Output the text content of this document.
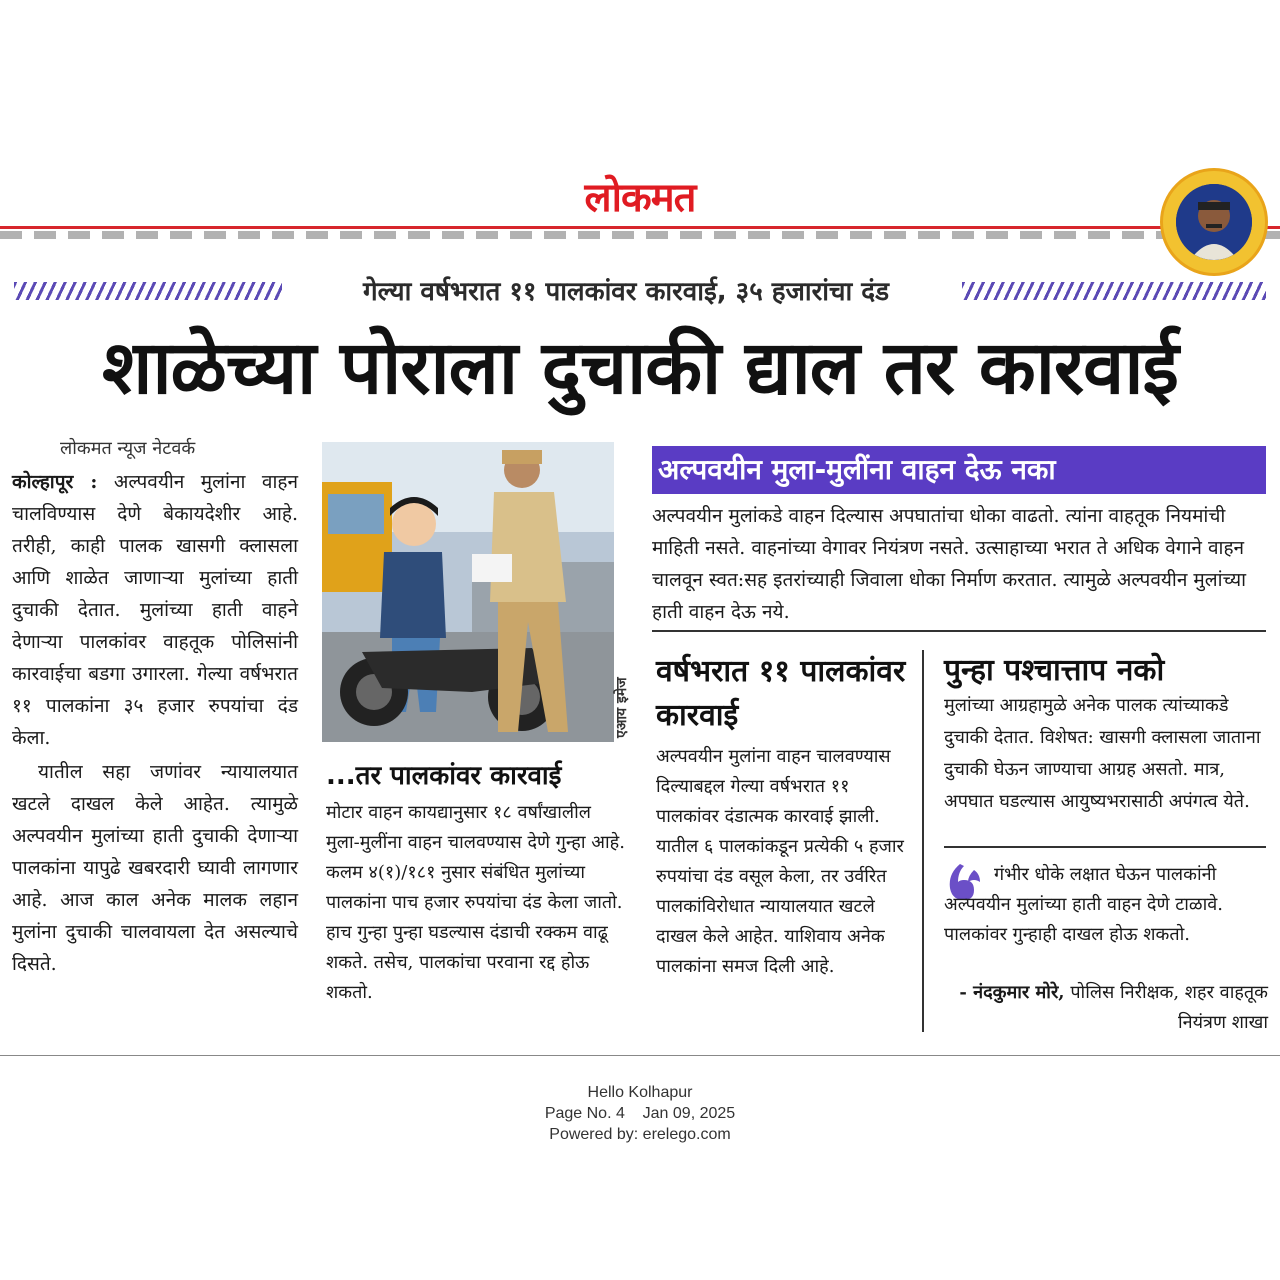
लोकमत
गेल्या वर्षभरात ११ पालकांवर कारवाई, ३५ हजारांचा दंड
शाळेच्या पोराला दुचाकी द्याल तर कारवाई
लोकमत न्यूज नेटवर्क

कोल्हापूर : अल्पवयीन मुलांना वाहन चालविण्यास देणे बेकायदेशीर आहे. तरीही, काही पालक खासगी क्लासला आणि शाळेत जाणाऱ्या मुलांच्या हाती दुचाकी देतात. मुलांच्या हाती वाहने देणाऱ्या पालकांवर वाहतूक पोलिसांनी कारवाईचा बडगा उगारला. गेल्या वर्षभरात ११ पालकांना ३५ हजार रुपयांचा दंड केला.

यातील सहा जणांवर न्यायालयात खटले दाखल केले आहेत. त्यामुळे अल्पवयीन मुलांच्या हाती दुचाकी देणाऱ्या पालकांना यापुढे खबरदारी घ्यावी लागणार आहे. आज काल अनेक मालक लहान मुलांना दुचाकी चालवायला देत असल्याचे दिसते.

एआय इमेज
...तर पालकांवर कारवाई
मोटार वाहन कायद्यानुसार १८ वर्षांखालील मुला-मुलींना वाहन चालवण्यास देणे गुन्हा आहे. कलम ४(१)/१८१ नुसार संबंधित मुलांच्या पालकांना पाच हजार रुपयांचा दंड केला जातो. हाच गुन्हा पुन्हा घडल्यास दंडाची रक्कम वाढू शकते. तसेच, पालकांचा परवाना रद्द होऊ शकतो.
अल्पवयीन मुला-मुलींना वाहन देऊ नका
अल्पवयीन मुलांकडे वाहन दिल्यास अपघातांचा धोका वाढतो. त्यांना वाहतूक नियमांची माहिती नसते. वाहनांच्या वेगावर नियंत्रण नसते. उत्साहाच्या भरात ते अधिक वेगाने वाहन चालवून स्वत:सह इतरांच्याही जिवाला धोका निर्माण करतात. त्यामुळे अल्पवयीन मुलांच्या हाती वाहन देऊ नये.
वर्षभरात ११ पालकांवर कारवाई
अल्पवयीन मुलांना वाहन चालवण्यास दिल्याबद्दल गेल्या वर्षभरात ११ पालकांवर दंडात्मक कारवाई झाली. यातील ६ पालकांकडून प्रत्येकी ५ हजार रुपयांचा दंड वसूल केला, तर उर्वरित पालकांविरोधात न्यायालयात खटले दाखल केले आहेत. याशिवाय अनेक पालकांना समज दिली आहे.
पुन्हा पश्चात्ताप नको
मुलांच्या आग्रहामुळे अनेक पालक त्यांच्याकडे दुचाकी देतात. विशेषत: खासगी क्लासला जाताना दुचाकी घेऊन जाण्याचा आग्रह असतो. मात्र, अपघात घडल्यास आयुष्यभरासाठी अपंगत्व येते.
गंभीर धोके लक्षात घेऊन पालकांनी अल्पवयीन मुलांच्या हाती वाहन देणे टाळावे. पालकांवर गुन्हाही दाखल होऊ शकतो.
- नंदकुमार मोरे, पोलिस निरीक्षक, शहर वाहतूक नियंत्रण शाखा
Hello Kolhapur
Page No. 4    Jan 09, 2025
Powered by: erelego.com
